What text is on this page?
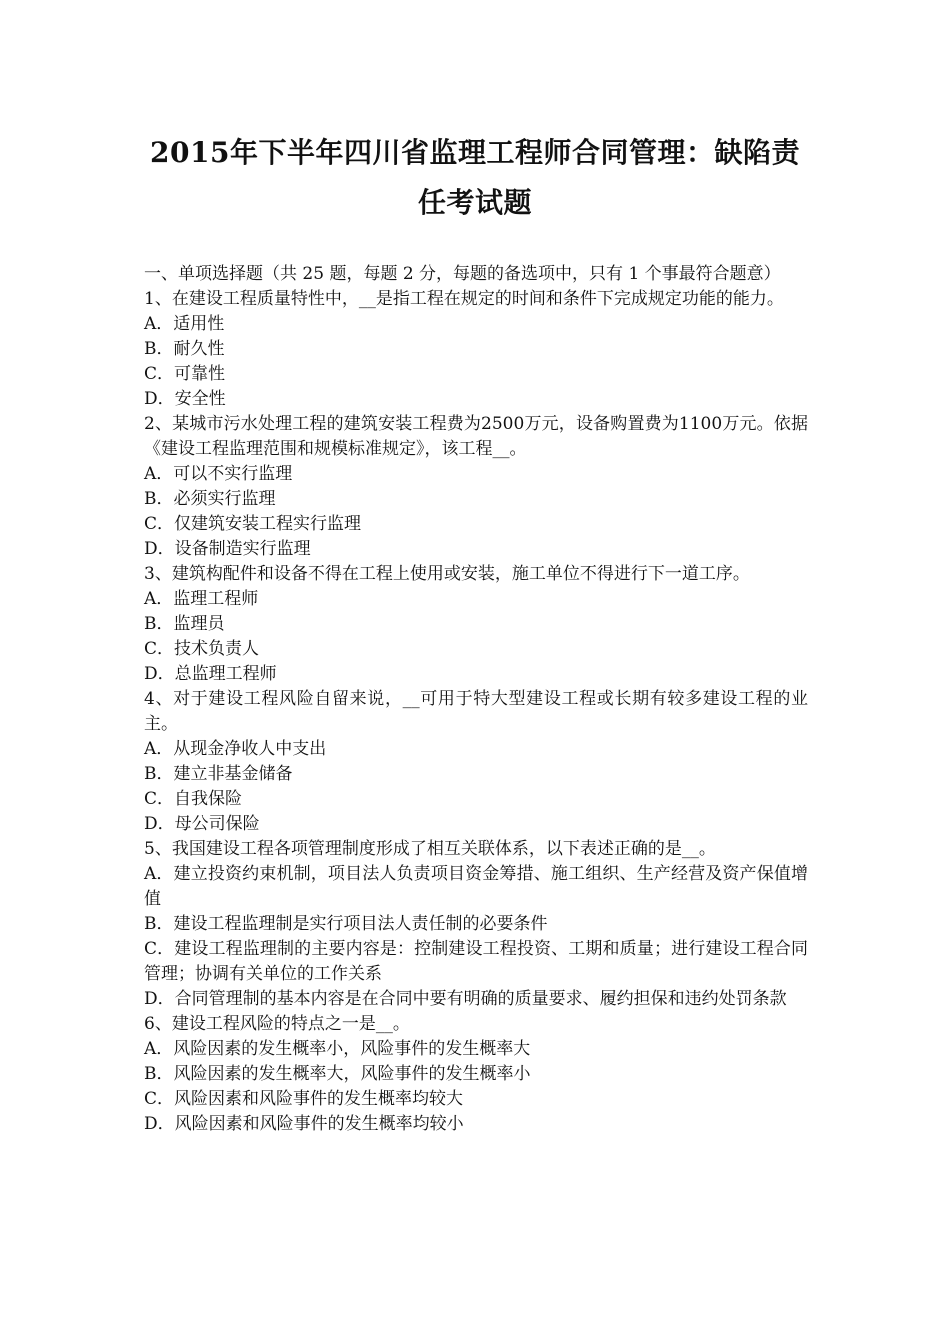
2015年下半年四川省监理工程师合同管理：缺陷责任考试题

一、单项选择题（共 25 题，每题 2 分，每题的备选项中，只有 1 个事最符合题意）

1、在建设工程质量特性中，__是指工程在规定的时间和条件下完成规定功能的能力。

A．适用性

B．耐久性

C．可靠性

D．安全性

2、某城市污水处理工程的建筑安装工程费为2500万元，设备购置费为1100万元。依据《建设工程监理范围和规模标准规定》，该工程__。

A．可以不实行监理

B．必须实行监理

C．仅建筑安装工程实行监理

D．设备制造实行监理

3、建筑构配件和设备不得在工程上使用或安装，施工单位不得进行下一道工序。

A．监理工程师

B．监理员

C．技术负责人

D．总监理工程师

4、对于建设工程风险自留来说，__可用于特大型建设工程或长期有较多建设工程的业主。

A．从现金净收人中支出

B．建立非基金储备

C．自我保险

D．母公司保险

5、我国建设工程各项管理制度形成了相互关联体系，以下表述正确的是__。

A．建立投资约束机制，项目法人负责项目资金筹措、施工组织、生产经营及资产保值增值

B．建设工程监理制是实行项目法人责任制的必要条件

C．建设工程监理制的主要内容是：控制建设工程投资、工期和质量；进行建设工程合同管理；协调有关单位的工作关系

D．合同管理制的基本内容是在合同中要有明确的质量要求、履约担保和违约处罚条款

6、建设工程风险的特点之一是__。

A．风险因素的发生概率小，风险事件的发生概率大

B．风险因素的发生概率大，风险事件的发生概率小

C．风险因素和风险事件的发生概率均较大

D．风险因素和风险事件的发生概率均较小
